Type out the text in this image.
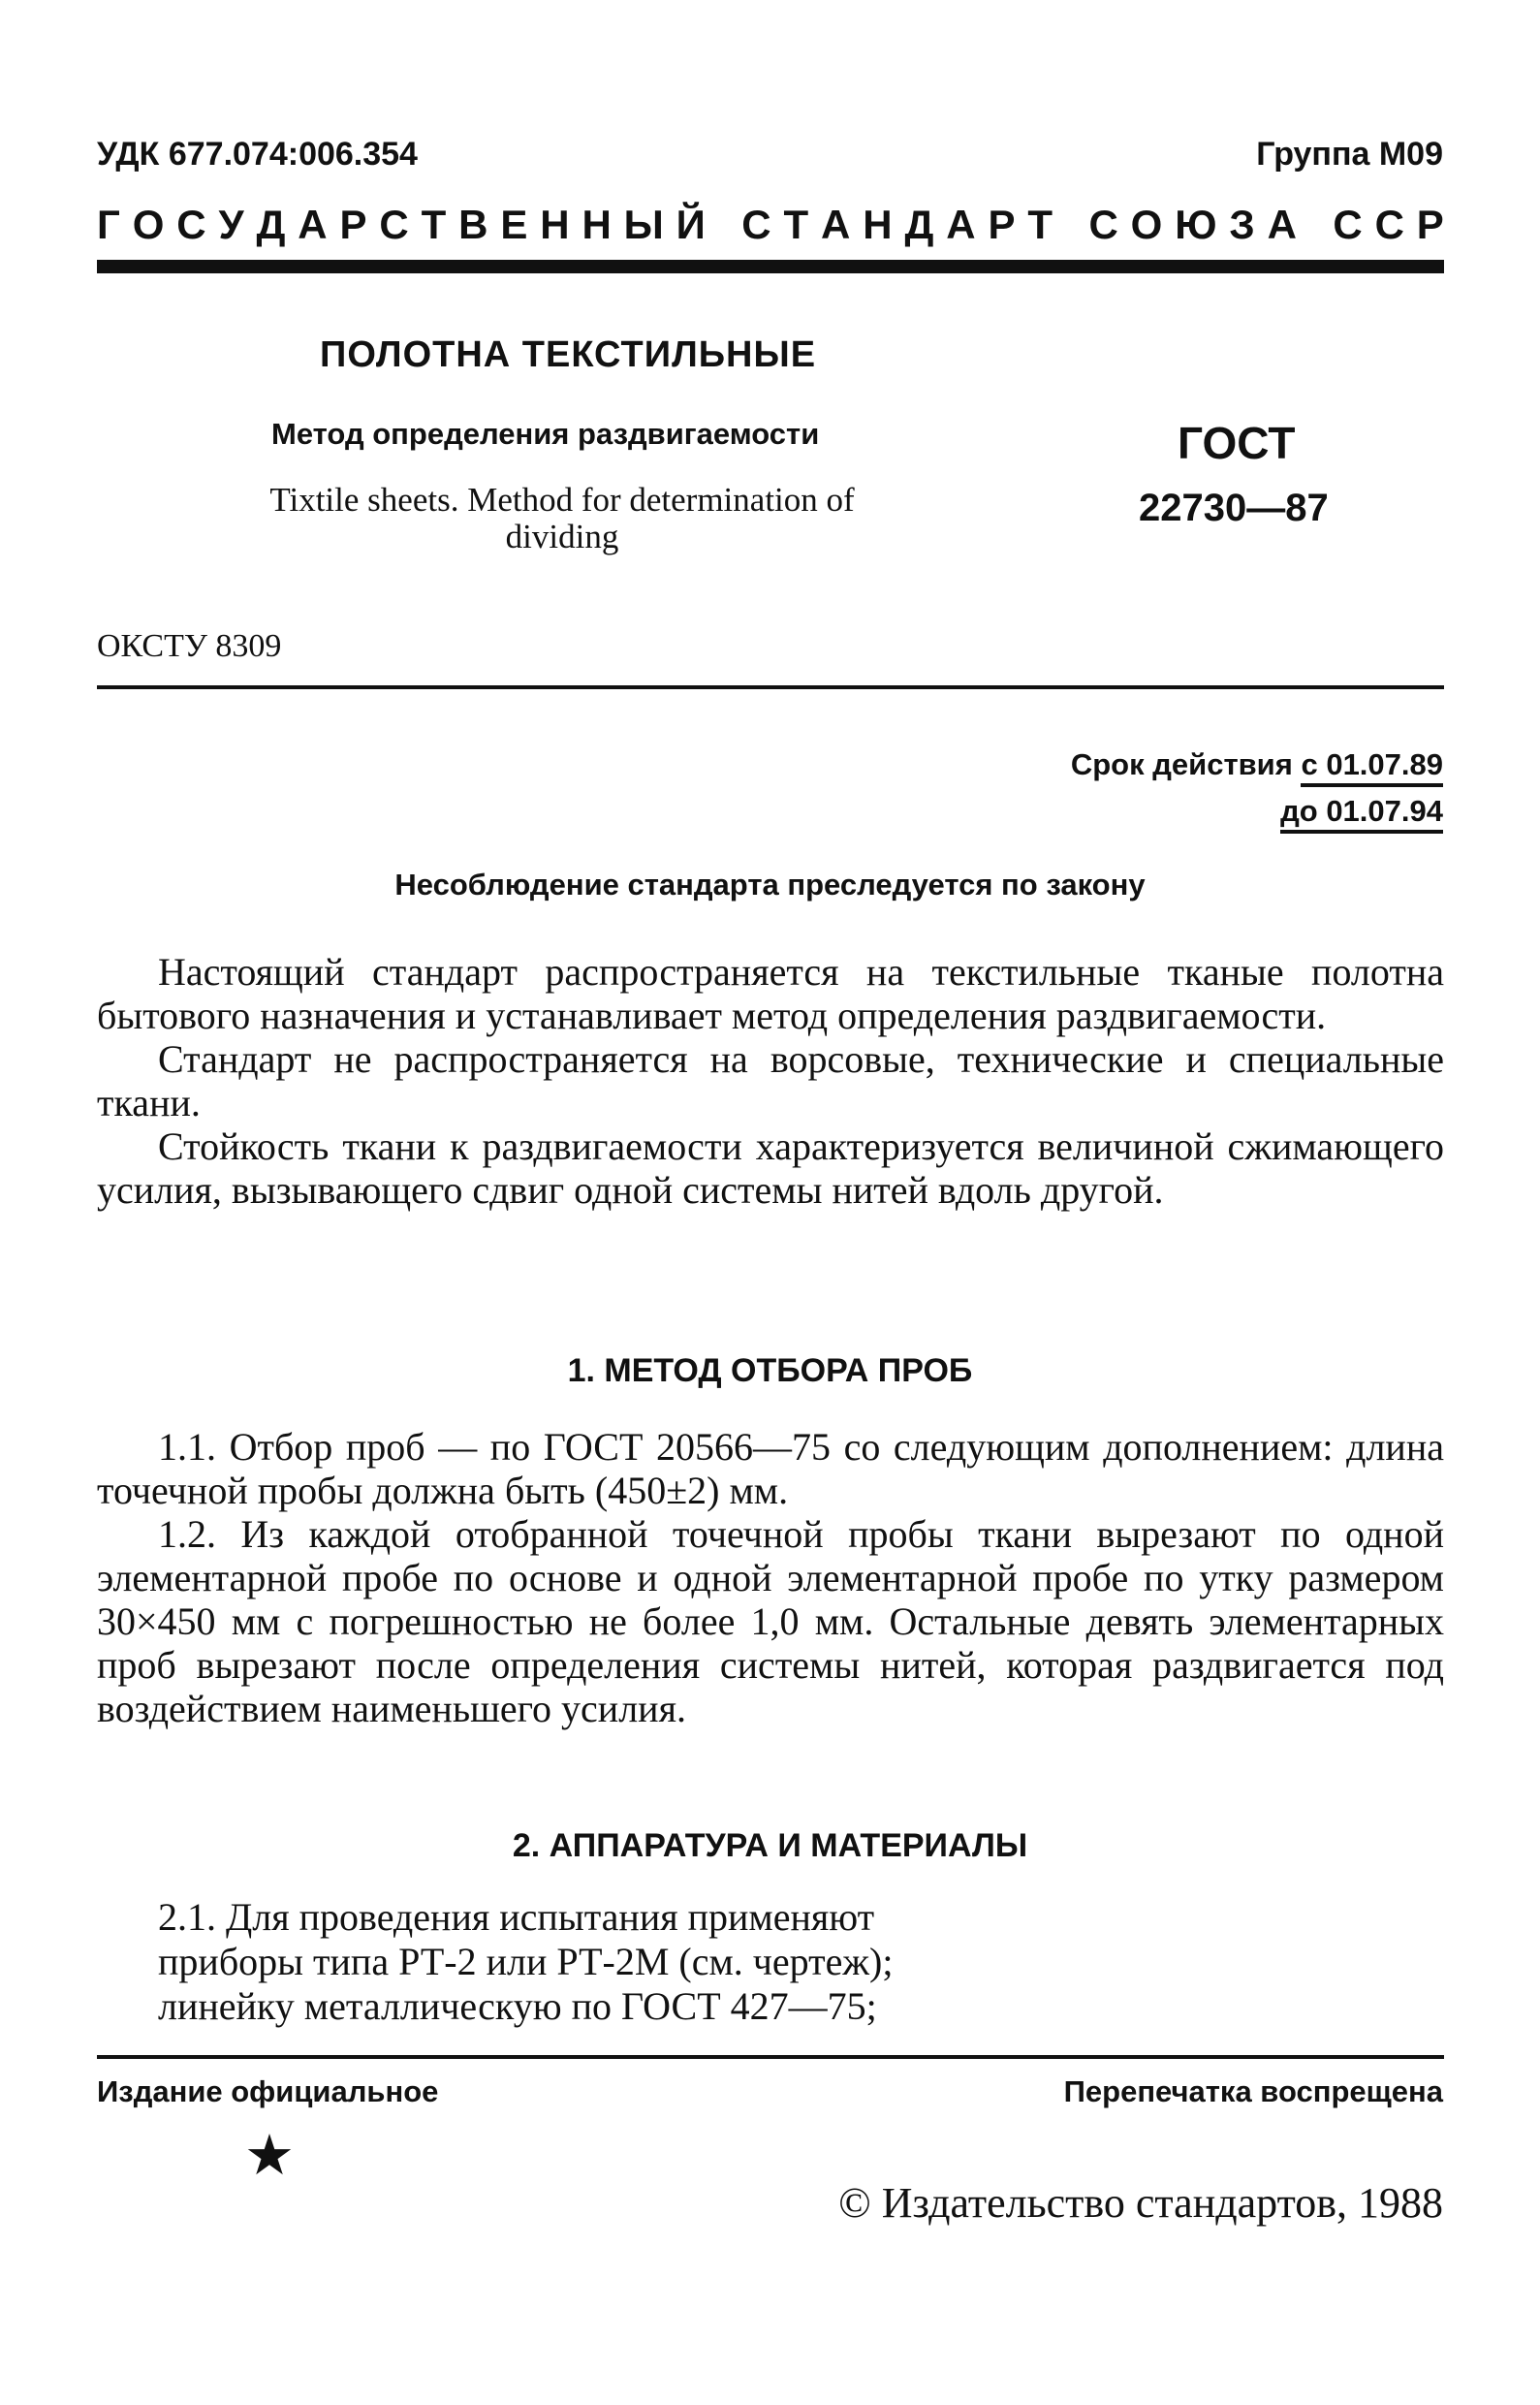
УДК 677.074:006.354	Группа М09
Г О С У Д А Р С Т В Е Н Н Ы Й
С Т А Н Д А Р Т
С О Ю З А
С С Р
ПОЛОТНА ТЕКСТИЛЬНЫЕ
Метод определения раздвигаемости
Tixtile sheets. Method for determination of dividing
ГОСТ
22730—87
ОКСТУ 8309
Срок действия с 01.07.89
до 01.07.94
Несоблюдение стандарта преследуется по закону

Настоящий стандарт распространяется на текстильные тканые полотна бытового назначения и устанавливает метод определения раздвигаемости.

Стандарт не распространяется на ворсовые, технические и специальные ткани.

Стойкость ткани к раздвигаемости характеризуется величиной сжимающего усилия, вызывающего сдвиг одной системы нитей вдоль другой.

1. МЕТОД ОТБОРА ПРОБ

1.1. Отбор проб — по ГОСТ 20566—75 со следующим дополнением: длина точечной пробы должна быть (450±2) мм.

1.2. Из каждой отобранной точечной пробы ткани вырезают по одной элементарной пробе по основе и одной элементарной пробе по утку размером 30×450 мм с погрешностью не более 1,0 мм. Остальные девять элементарных проб вырезают после определения системы нитей, которая раздвигается под воздействием наименьшего усилия.

2. АППАРАТУРА И МАТЕРИАЛЫ
2.1. Для проведения испытания применяют
приборы типа РТ-2 или РТ-2М (см. чертеж);
линейку металлическую по ГОСТ 427—75;
Издание официальное	Перепечатка воспрещена
★
© Издательство стандартов, 1988
